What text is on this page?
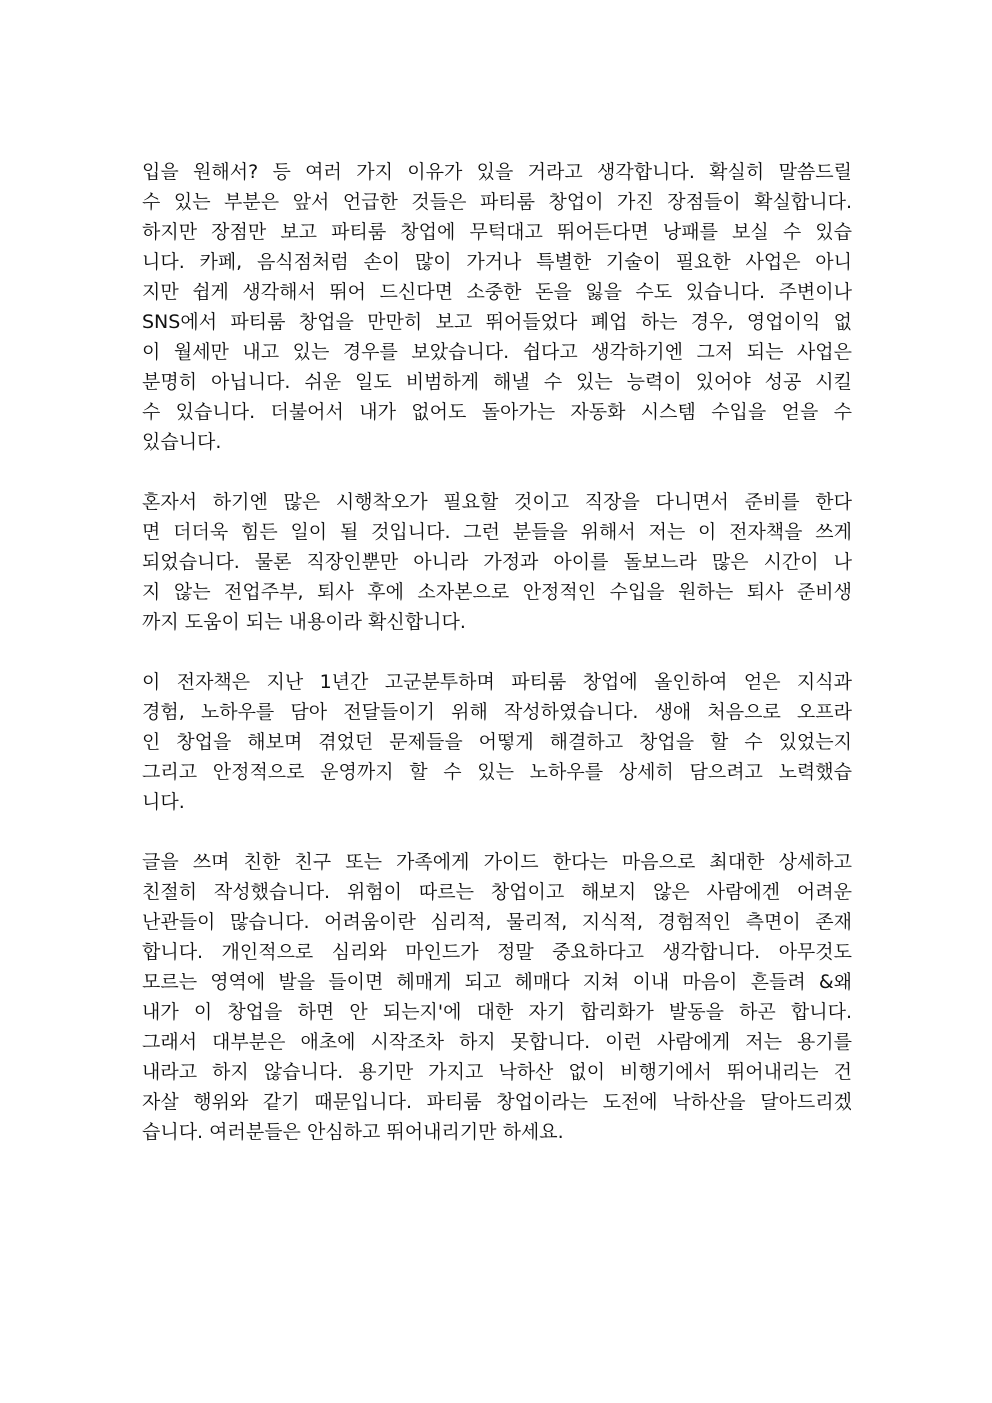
입을 원해서? 등 여러 가지 이유가 있을 거라고 생각합니다. 확실히 말씀드릴
수 있는 부분은 앞서 언급한 것들은 파티룸 창업이 가진 장점들이 확실합니다.
하지만 장점만 보고 파티룸 창업에 무턱대고 뛰어든다면 낭패를 보실 수 있습
니다. 카페, 음식점처럼 손이 많이 가거나 특별한 기술이 필요한 사업은 아니
지만 쉽게 생각해서 뛰어 드신다면 소중한 돈을 잃을 수도 있습니다. 주변이나
SNS에서 파티룸 창업을 만만히 보고 뛰어들었다 폐업 하는 경우, 영업이익 없
이 월세만 내고 있는 경우를 보았습니다. 쉽다고 생각하기엔 그저 되는 사업은
분명히 아닙니다. 쉬운 일도 비범하게 해낼 수 있는 능력이 있어야 성공 시킬
수 있습니다. 더불어서 내가 없어도 돌아가는 자동화 시스템 수입을 얻을 수
있습니다.

혼자서 하기엔 많은 시행착오가 필요할 것이고 직장을 다니면서 준비를 한다
면 더더욱 힘든 일이 될 것입니다. 그런 분들을 위해서 저는 이 전자책을 쓰게
되었습니다. 물론 직장인뿐만 아니라 가정과 아이를 돌보느라 많은 시간이 나
지 않는 전업주부, 퇴사 후에 소자본으로 안정적인 수입을 원하는 퇴사 준비생
까지 도움이 되는 내용이라 확신합니다.

이 전자책은 지난 1년간 고군분투하며 파티룸 창업에 올인하여 얻은 지식과
경험, 노하우를 담아 전달들이기 위해 작성하였습니다. 생애 처음으로 오프라
인 창업을 해보며 겪었던 문제들을 어떻게 해결하고 창업을 할 수 있었는지
그리고 안정적으로 운영까지 할 수 있는 노하우를 상세히 담으려고 노력했습
니다.

글을 쓰며 친한 친구 또는 가족에게 가이드 한다는 마음으로 최대한 상세하고
친절히 작성했습니다. 위험이 따르는 창업이고 해보지 않은 사람에겐 어려운
난관들이 많습니다. 어려움이란 심리적, 물리적, 지식적, 경험적인 측면이 존재
합니다. 개인적으로 심리와 마인드가 정말 중요하다고 생각합니다. 아무것도
모르는 영역에 발을 들이면 헤매게 되고 헤매다 지쳐 이내 마음이 흔들려 &왜
내가 이 창업을 하면 안 되는지'에 대한 자기 합리화가 발동을 하곤 합니다.
그래서 대부분은 애초에 시작조차 하지 못합니다. 이런 사람에게 저는 용기를
내라고 하지 않습니다. 용기만 가지고 낙하산 없이 비행기에서 뛰어내리는 건
자살 행위와 같기 때문입니다. 파티룸 창업이라는 도전에 낙하산을 달아드리겠
습니다. 여러분들은 안심하고 뛰어내리기만 하세요.
